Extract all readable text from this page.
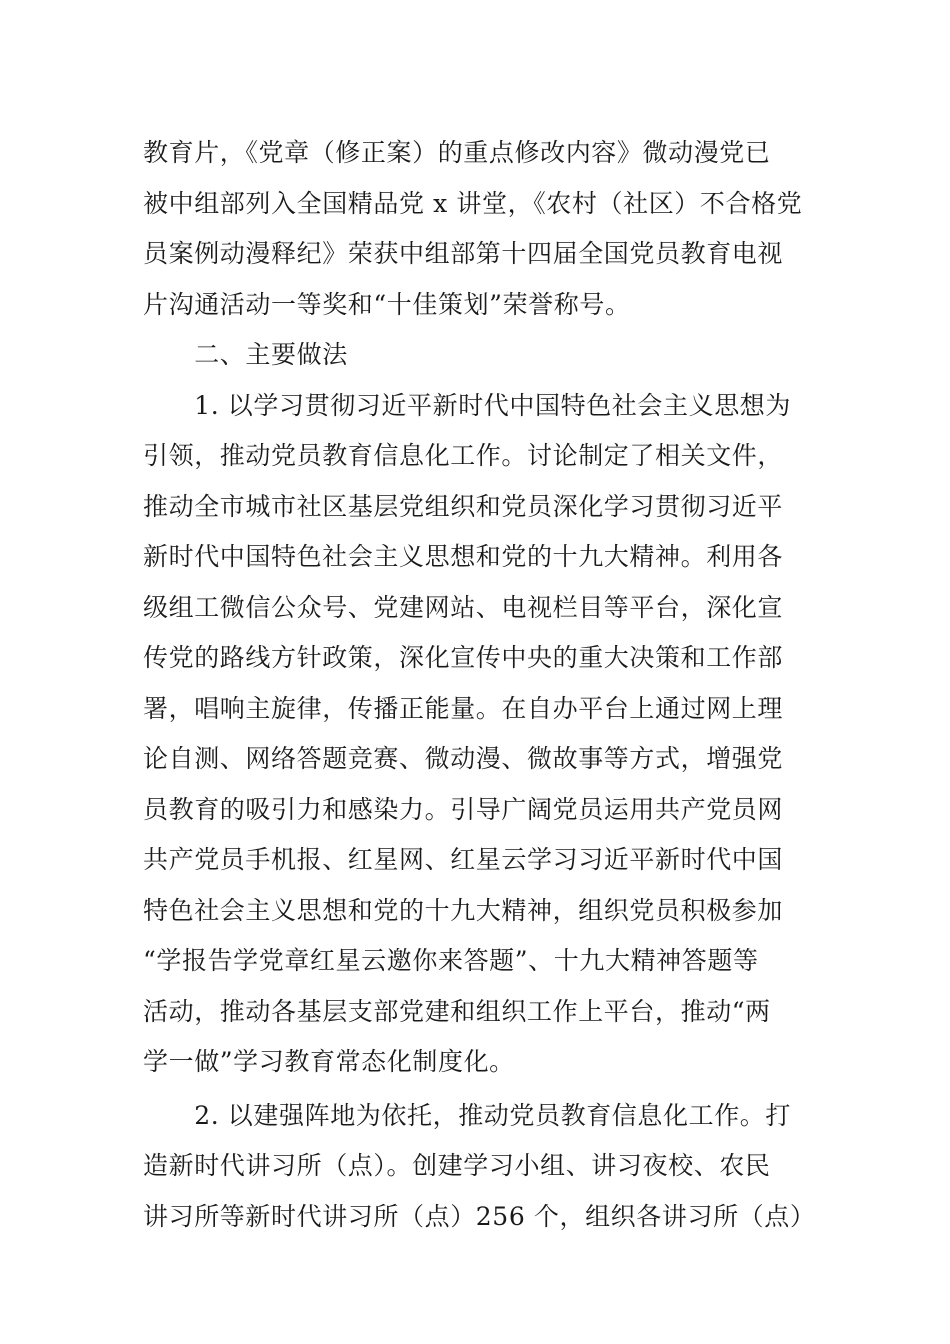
教育片，《党章（修正案）的重点修改内容》微动漫党已
被中组部列入全国精品党 x 讲堂，《农村（社区）不合格党
员案例动漫释纪》荣获中组部第十四届全国党员教育电视
片沟通活动一等奖和“十佳策划”荣誉称号。
　　二、主要做法
　　1. 以学习贯彻习近平新时代中国特色社会主义思想为
引领，推动党员教育信息化工作。讨论制定了相关文件，
推动全市城市社区基层党组织和党员深化学习贯彻习近平
新时代中国特色社会主义思想和党的十九大精神。利用各
级组工微信公众号、党建网站、电视栏目等平台，深化宣
传党的路线方针政策，深化宣传中央的重大决策和工作部
署，唱响主旋律，传播正能量。在自办平台上通过网上理
论自测、网络答题竞赛、微动漫、微故事等方式，增强党
员教育的吸引力和感染力。引导广阔党员运用共产党员网
共产党员手机报、红星网、红星云学习习近平新时代中国
特色社会主义思想和党的十九大精神，组织党员积极参加
“学报告学党章红星云邀你来答题”、十九大精神答题等
活动，推动各基层支部党建和组织工作上平台，推动“两
学一做”学习教育常态化制度化。
　　2. 以建强阵地为依托，推动党员教育信息化工作。打
造新时代讲习所（点）。创建学习小组、讲习夜校、农民
讲习所等新时代讲习所（点）256 个，组织各讲习所（点）
